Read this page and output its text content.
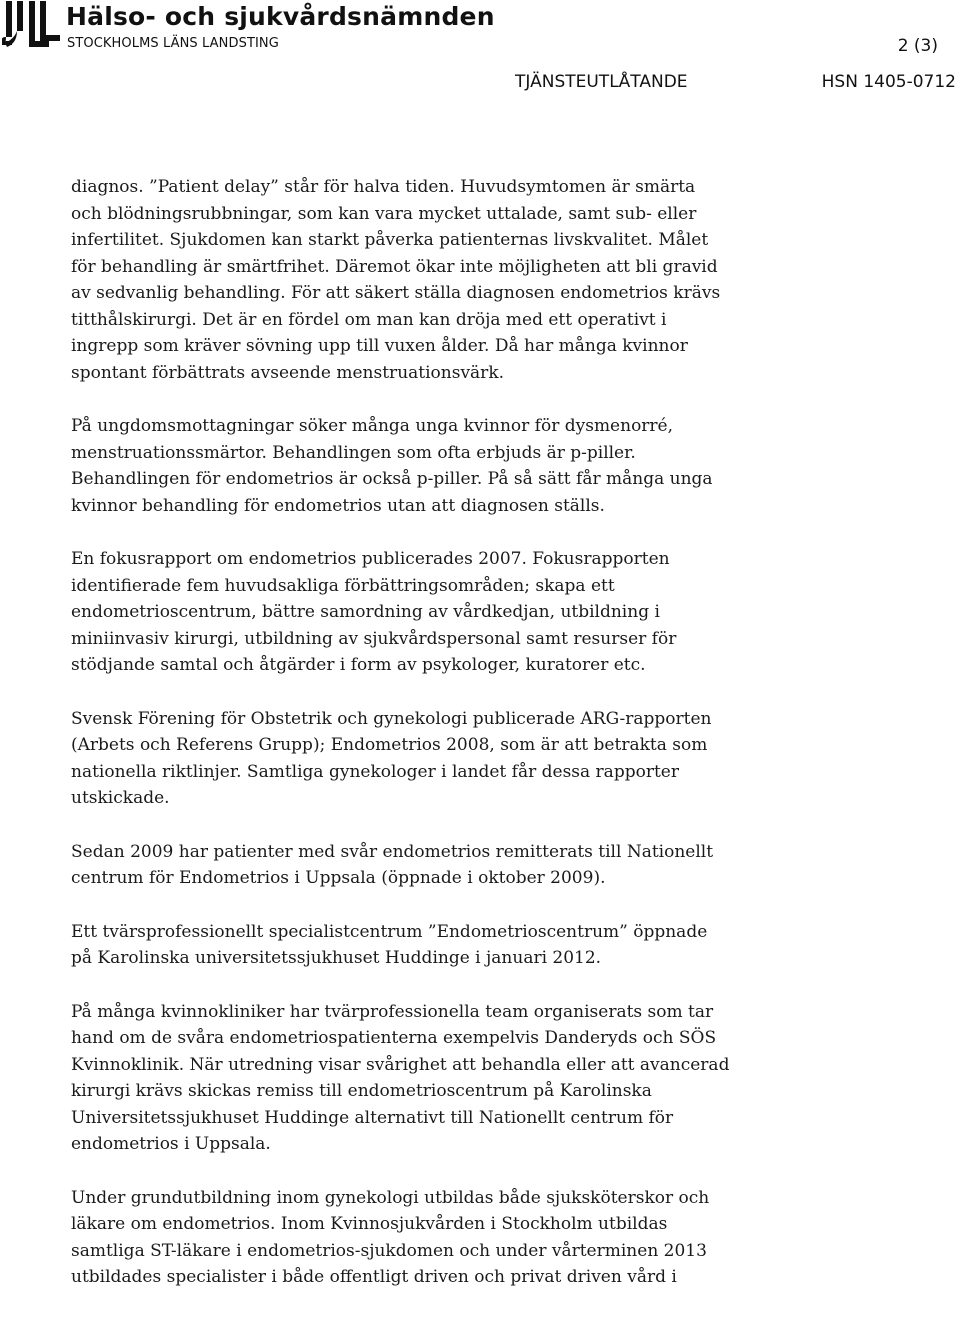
Hälso- och sjukvårdsnämnden
STOCKHOLMS LÄNS LANDSTING	2 (3)
TJÄNSTEUTLÅTANDE	HSN 1405-0712

diagnos. ”Patient delay” står för halva tiden. Huvudsymtomen är smärta
och blödningsrubbningar, som kan vara mycket uttalade, samt sub- eller
infertilitet. Sjukdomen kan starkt påverka patienternas livskvalitet. Målet
för behandling är smärtfrihet. Däremot ökar inte möjligheten att bli gravid
av sedvanlig behandling. För att säkert ställa diagnosen endometrios krävs
titthålskirurgi. Det är en fördel om man kan dröja med ett operativt i
ingrepp som kräver sövning upp till vuxen ålder. Då har många kvinnor
spontant förbättrats avseende menstruationsvärk.

På ungdomsmottagningar söker många unga kvinnor för dysmenorré,
menstruationssmärtor. Behandlingen som ofta erbjuds är p-piller.
Behandlingen för endometrios är också p-piller. På så sätt får många unga
kvinnor behandling för endometrios utan att diagnosen ställs.

En fokusrapport om endometrios publicerades 2007. Fokusrapporten
identifierade fem huvudsakliga förbättringsområden; skapa ett
endometrioscentrum, bättre samordning av vårdkedjan, utbildning i
miniinvasiv kirurgi, utbildning av sjukvårdspersonal samt resurser för
stödjande samtal och åtgärder i form av psykologer, kuratorer etc.

Svensk Förening för Obstetrik och gynekologi publicerade ARG-rapporten
(Arbets och Referens Grupp); Endometrios 2008, som är att betrakta som
nationella riktlinjer. Samtliga gynekologer i landet får dessa rapporter
utskickade.

Sedan 2009 har patienter med svår endometrios remitterats till Nationellt
centrum för Endometrios i Uppsala (öppnade i oktober 2009).

Ett tvärsprofessionellt specialistcentrum ”Endometrioscentrum” öppnade
på Karolinska universitetssjukhuset Huddinge i januari 2012.

På många kvinnokliniker har tvärprofessionella team organiserats som tar
hand om de svåra endometriospatienterna exempelvis Danderyds och SÖS
Kvinnoklinik. När utredning visar svårighet att behandla eller att avancerad
kirurgi krävs skickas remiss till endometrioscentrum på Karolinska
Universitetssjukhuset Huddinge alternativt till Nationellt centrum för
endometrios i Uppsala.

Under grundutbildning inom gynekologi utbildas både sjuksköterskor och
läkare om endometrios. Inom Kvinnosjukvården i Stockholm utbildas
samtliga ST-läkare i endometrios-sjukdomen och under vårterminen 2013
utbildades specialister i både offentligt driven och privat driven vård i
